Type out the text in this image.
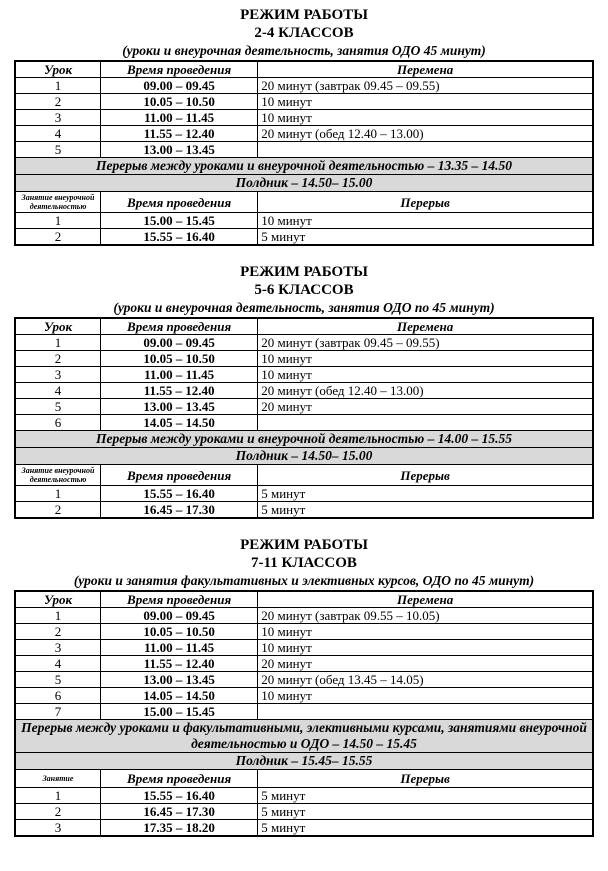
РЕЖИМ РАБОТЫ
2-4 КЛАССОВ

(уроки и внеурочная деятельность, занятия ОДО 45 минут)

Урок	Время проведения	Перемена
1	09.00 – 09.45	20 минут (завтрак 09.45 – 09.55)
2	10.05 – 10.50	10 минут
3	11.00 – 11.45	10 минут
4	11.55 – 12.40	20 минут (обед 12.40 – 13.00)
5	13.00 – 13.45	
Перерыв между уроками и внеурочной деятельностью – 13.35 – 14.50		
Полдник – 14.50– 15.00		
Занятие внеурочной деятельностью	Время проведения	Перерыв
1	15.00 – 15.45	10 минут
2	15.55 – 16.40	5 минут
РЕЖИМ РАБОТЫ
5-6 КЛАССОВ

(уроки и внеурочная деятельность, занятия ОДО по 45 минут)

Урок	Время проведения	Перемена
1	09.00 – 09.45	20 минут (завтрак 09.45 – 09.55)
2	10.05 – 10.50	10 минут
3	11.00 – 11.45	10 минут
4	11.55 – 12.40	20 минут (обед 12.40 – 13.00)
5	13.00 – 13.45	20 минут
6	14.05 – 14.50	
Перерыв между уроками и внеурочной деятельностью – 14.00 – 15.55		
Полдник – 14.50– 15.00		
Занятие внеурочной деятельностью	Время проведения	Перерыв
1	15.55 – 16.40	5 минут
2	16.45 – 17.30	5 минут
РЕЖИМ РАБОТЫ
7-11 КЛАССОВ

(уроки и занятия факультативных и элективных курсов, ОДО по 45 минут)

Урок	Время проведения	Перемена
1	09.00 – 09.45	20 минут (завтрак 09.55 – 10.05)
2	10.05 – 10.50	10 минут
3	11.00 – 11.45	10 минут
4	11.55 – 12.40	20 минут
5	13.00 – 13.45	20 минут (обед 13.45 – 14.05)
6	14.05 – 14.50	10 минут
7	15.00 – 15.45	
Перерыв между уроками и факультативными, элективными курсами, занятиями внеурочной деятельностью и ОДО – 14.50 – 15.45		
Полдник – 15.45– 15.55		
Занятие	Время проведения	Перерыв
1	15.55 – 16.40	5 минут
2	16.45 – 17.30	5 минут
3	17.35 – 18.20	5 минут
